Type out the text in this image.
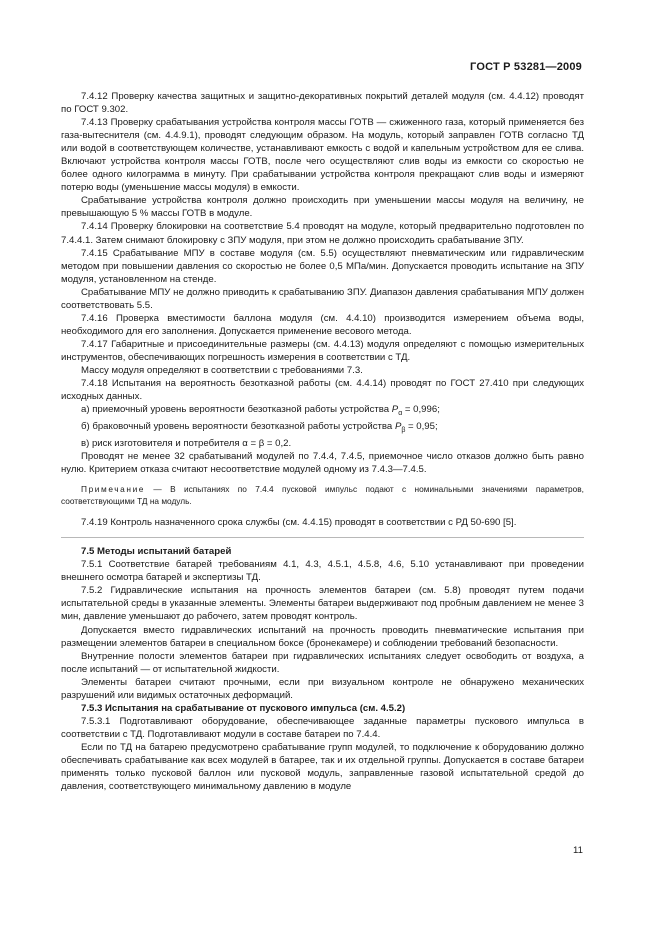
ГОСТ Р 53281—2009

7.4.12 Проверку качества защитных и защитно-декоративных покрытий деталей модуля (см. 4.4.12) проводят по ГОСТ 9.302.

7.4.13 Проверку срабатывания устройства контроля массы ГОТВ — сжиженного газа, который применяется без газа-вытеснителя (см. 4.4.9.1), проводят следующим образом. На модуль, который заправлен ГОТВ согласно ТД или водой в соответствующем количестве, устанавливают емкость с водой и капельным устройством для ее слива. Включают устройства контроля массы ГОТВ, после чего осуществляют слив воды из емкости со скоростью не более одного килограмма в минуту. При срабатывании устройства контроля прекращают слив воды и измеряют потерю воды (уменьшение массы модуля) в емкости.

Срабатывание устройства контроля должно происходить при уменьшении массы модуля на величину, не превышающую 5 % массы ГОТВ в модуле.

7.4.14 Проверку блокировки на соответствие 5.4 проводят на модуле, который предварительно подготовлен по 7.4.4.1. Затем снимают блокировку с ЗПУ модуля, при этом не должно происходить срабатывание ЗПУ.

7.4.15 Срабатывание МПУ в составе модуля (см. 5.5) осуществляют пневматическим или гидравлическим методом при повышении давления со скоростью не более 0,5 МПа/мин. Допускается проводить испытание на ЗПУ модуля, установленном на стенде.

Срабатывание МПУ не должно приводить к срабатыванию ЗПУ. Диапазон давления срабатывания МПУ должен соответствовать 5.5.

7.4.16 Проверка вместимости баллона модуля (см. 4.4.10) производится измерением объема воды, необходимого для его заполнения. Допускается применение весового метода.

7.4.17 Габаритные и присоединительные размеры (см. 4.4.13) модуля определяют с помощью измерительных инструментов, обеспечивающих погрешность измерения в соответствии с ТД.

Массу модуля определяют в соответствии с требованиями 7.3.

7.4.18 Испытания на вероятность безотказной работы (см. 4.4.14) проводят по ГОСТ 27.410 при следующих исходных данных.

а) приемочный уровень вероятности безотказной работы устройства $P_\alpha = 0,996$;

б) браковочный уровень вероятности безотказной работы устройства $P_\beta = 0,95$;

в) риск изготовителя и потребителя α = β = 0,2.

Проводят не менее 32 срабатываний модулей по 7.4.4, 7.4.5, приемочное число отказов должно быть равно нулю. Критерием отказа считают несоответствие модулей одному из 7.4.3—7.4.5.

Примечание — В испытаниях по 7.4.4 пусковой импульс подают с номинальными значениями параметров, соответствующими ТД на модуль.

7.4.19 Контроль назначенного срока службы (см. 4.4.15) проводят в соответствии с РД 50-690 [5].

7.5 Методы испытаний батарей

7.5.1 Соответствие батарей требованиям 4.1, 4.3, 4.5.1, 4.5.8, 4.6, 5.10 устанавливают при проведении внешнего осмотра батарей и экспертизы ТД.

7.5.2 Гидравлические испытания на прочность элементов батареи (см. 5.8) проводят путем подачи испытательной среды в указанные элементы. Элементы батареи выдерживают под пробным давлением не менее 3 мин, давление уменьшают до рабочего, затем проводят контроль.

Допускается вместо гидравлических испытаний на прочность проводить пневматические испытания при размещении элементов батареи в специальном боксе (бронекамере) и соблюдении требований безопасности.

Внутренние полости элементов батареи при гидравлических испытаниях следует освободить от воздуха, а после испытаний — от испытательной жидкости.

Элементы батареи считают прочными, если при визуальном контроле не обнаружено механических разрушений или видимых остаточных деформаций.

7.5.3 Испытания на срабатывание от пускового импульса (см. 4.5.2)

7.5.3.1 Подготавливают оборудование, обеспечивающее заданные параметры пускового импульса в соответствии с ТД. Подготавливают модули в составе батареи по 7.4.4.

Если по ТД на батарею предусмотрено срабатывание групп модулей, то подключение к оборудованию должно обеспечивать срабатывание как всех модулей в батарее, так и их отдельной группы. Допускается в составе батареи применять только пусковой баллон или пусковой модуль, заправленные газовой испытательной средой до давления, соответствующего минимальному давлению в модуле

11
